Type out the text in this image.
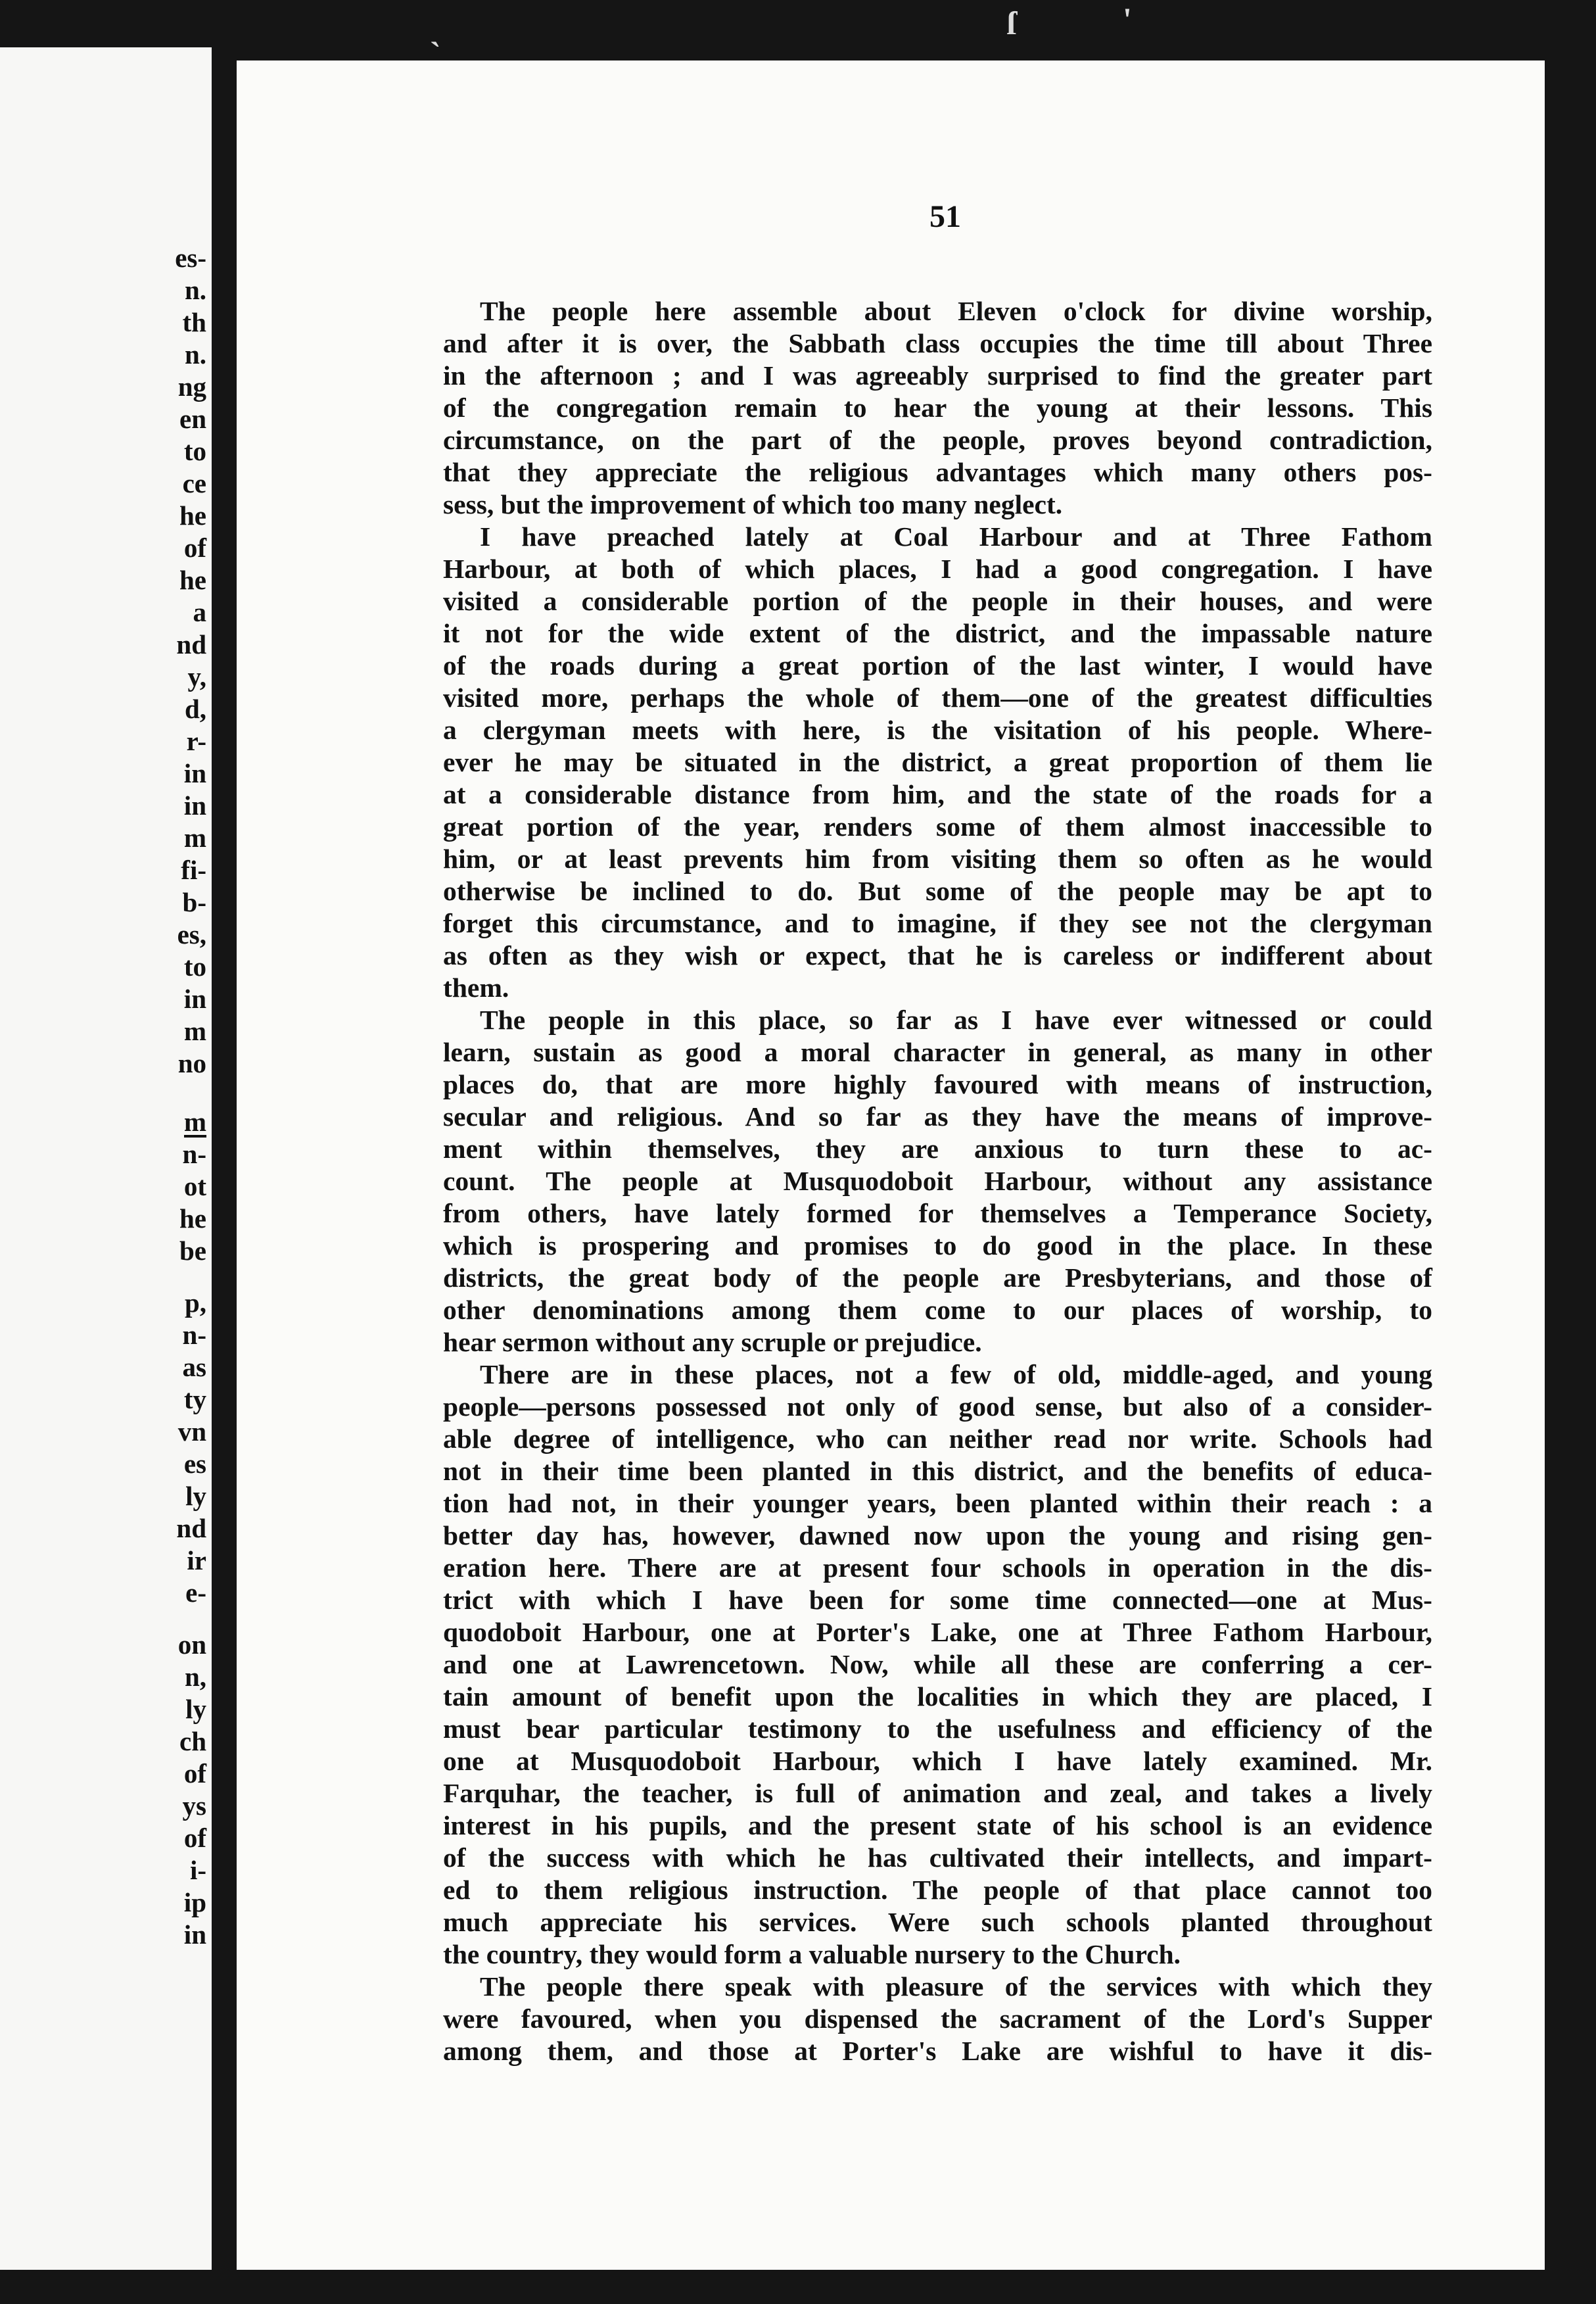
es-
n.
th
n.
ng
en
to
ce
he
of
he
a
nd
y,
d,
r-
in
in
m
fi-
b-
es,
to
in
m
no
m
n-
ot
he
be
p,
n-
as
ty
vn
es
ly
nd
ir
e-
on
n,
ly
ch
of
ys
of
i-
ip
in
ſ	'
`
51
The people here assemble about Eleven o'clock for divine worship,
and after it is over, the Sabbath class occupies the time till about Three
in the afternoon ; and I was agreeably surprised to find the greater part
of the congregation remain to hear the young at their lessons. This
circumstance, on the part of the people, proves beyond contradiction,
that they appreciate the religious advantages which many others pos-
sess, but the improvement of which too many neglect.
I have preached lately at Coal Harbour and at Three Fathom
Harbour, at both of which places, I had a good congregation. I have
visited a considerable portion of the people in their houses, and were
it not for the wide extent of the district, and the impassable nature
of the roads during a great portion of the last winter, I would have
visited more, perhaps the whole of them—one of the greatest difficulties
a clergyman meets with here, is the visitation of his people. Where-
ever he may be situated in the district, a great proportion of them lie
at a considerable distance from him, and the state of the roads for a
great portion of the year, renders some of them almost inaccessible to
him, or at least prevents him from visiting them so often as he would
otherwise be inclined to do. But some of the people may be apt to
forget this circumstance, and to imagine, if they see not the clergyman
as often as they wish or expect, that he is careless or indifferent about
them.
The people in this place, so far as I have ever witnessed or could
learn, sustain as good a moral character in general, as many in other
places do, that are more highly favoured with means of instruction,
secular and religious. And so far as they have the means of improve-
ment within themselves, they are anxious to turn these to ac-
count. The people at Musquodoboit Harbour, without any assistance
from others, have lately formed for themselves a Temperance Society,
which is prospering and promises to do good in the place. In these
districts, the great body of the people are Presbyterians, and those of
other denominations among them come to our places of worship, to
hear sermon without any scruple or prejudice.
There are in these places, not a few of old, middle-aged, and young
people—persons possessed not only of good sense, but also of a consider-
able degree of intelligence, who can neither read nor write. Schools had
not in their time been planted in this district, and the benefits of educa-
tion had not, in their younger years, been planted within their reach : a
better day has, however, dawned now upon the young and rising gen-
eration here. There are at present four schools in operation in the dis-
trict with which I have been for some time connected—one at Mus-
quodoboit Harbour, one at Porter's Lake, one at Three Fathom Harbour,
and one at Lawrencetown. Now, while all these are conferring a cer-
tain amount of benefit upon the localities in which they are placed, I
must bear particular testimony to the usefulness and efficiency of the
one at Musquodoboit Harbour, which I have lately examined. Mr.
Farquhar, the teacher, is full of animation and zeal, and takes a lively
interest in his pupils, and the present state of his school is an evidence
of the success with which he has cultivated their intellects, and impart-
ed to them religious instruction. The people of that place cannot too
much appreciate his services. Were such schools planted throughout
the country, they would form a valuable nursery to the Church.
The people there speak with pleasure of the services with which they
were favoured, when you dispensed the sacrament of the Lord's Supper
among them, and those at Porter's Lake are wishful to have it dis-
